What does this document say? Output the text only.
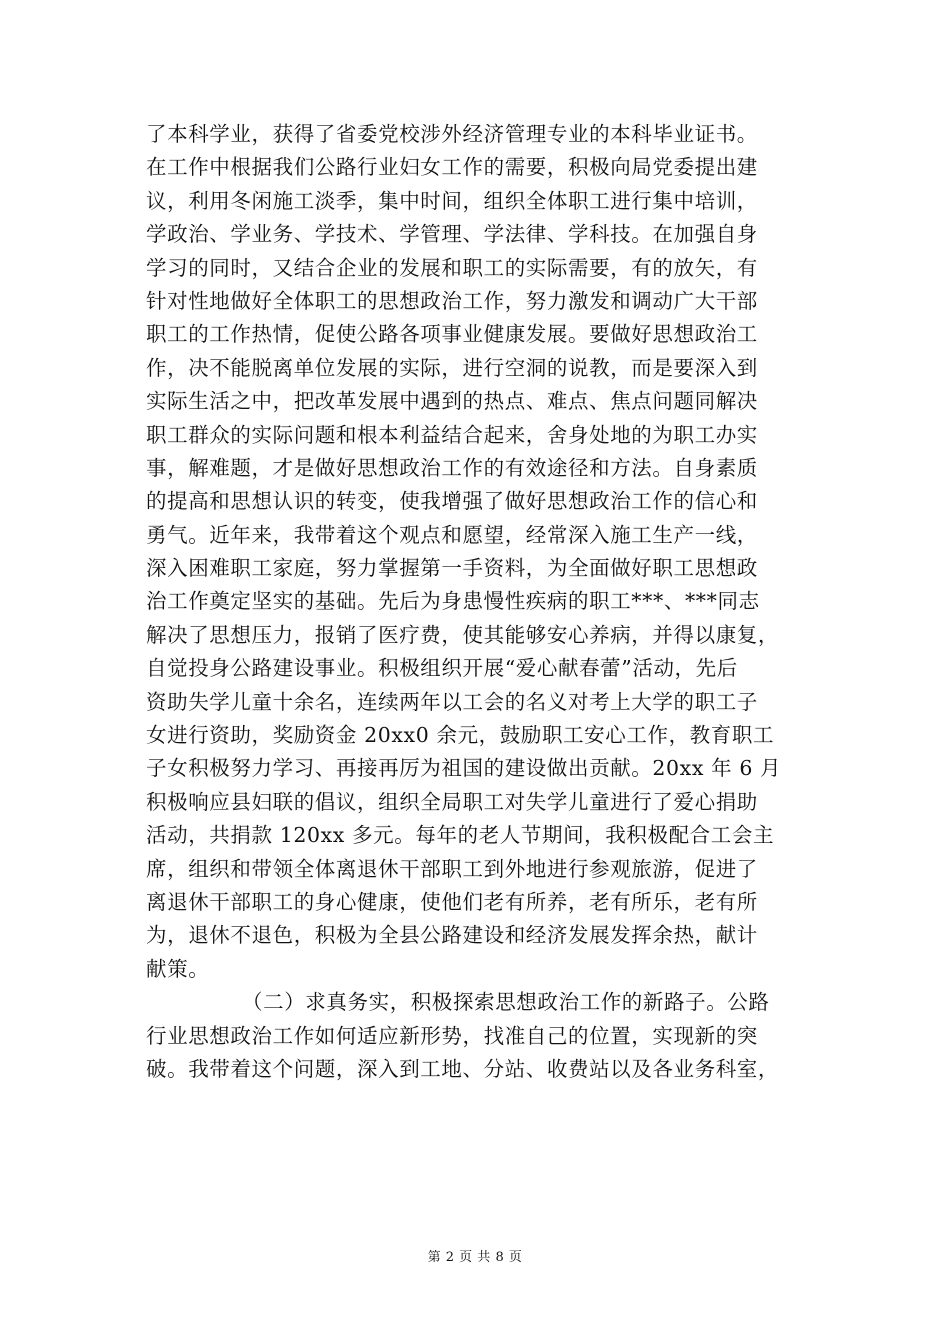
了本科学业，获得了省委党校涉外经济管理专业的本科毕业证书。
在工作中根据我们公路行业妇女工作的需要，积极向局党委提出建
议，利用冬闲施工淡季，集中时间，组织全体职工进行集中培训，
学政治、学业务、学技术、学管理、学法律、学科技。在加强自身
学习的同时，又结合企业的发展和职工的实际需要，有的放矢，有
针对性地做好全体职工的思想政治工作，努力激发和调动广大干部
职工的工作热情，促使公路各项事业健康发展。要做好思想政治工
作，决不能脱离单位发展的实际，进行空洞的说教，而是要深入到
实际生活之中，把改革发展中遇到的热点、难点、焦点问题同解决
职工群众的实际问题和根本利益结合起来，舍身处地的为职工办实
事，解难题，才是做好思想政治工作的有效途径和方法。自身素质
的提高和思想认识的转变，使我增强了做好思想政治工作的信心和
勇气。近年来，我带着这个观点和愿望，经常深入施工生产一线，
深入困难职工家庭，努力掌握第一手资料，为全面做好职工思想政
治工作奠定坚实的基础。先后为身患慢性疾病的职工***、***同志
解决了思想压力，报销了医疗费，使其能够安心养病，并得以康复，
自觉投身公路建设事业。积极组织开展“爱心献春蕾”活动，先后
资助失学儿童十余名，连续两年以工会的名义对考上大学的职工子
女进行资助，奖励资金 20xx0 余元，鼓励职工安心工作，教育职工
子女积极努力学习、再接再厉为祖国的建设做出贡献。20xx 年 6 月
积极响应县妇联的倡议，组织全局职工对失学儿童进行了爱心捐助
活动，共捐款 120xx 多元。每年的老人节期间，我积极配合工会主
席，组织和带领全体离退休干部职工到外地进行参观旅游，促进了
离退休干部职工的身心健康，使他们老有所养，老有所乐，老有所
为，退休不退色，积极为全县公路建设和经济发展发挥余热，献计
献策。
（二）求真务实，积极探索思想政治工作的新路子。公路
行业思想政治工作如何适应新形势，找准自己的位置，实现新的突
破。我带着这个问题，深入到工地、分站、收费站以及各业务科室，
第 2 页 共 8 页
